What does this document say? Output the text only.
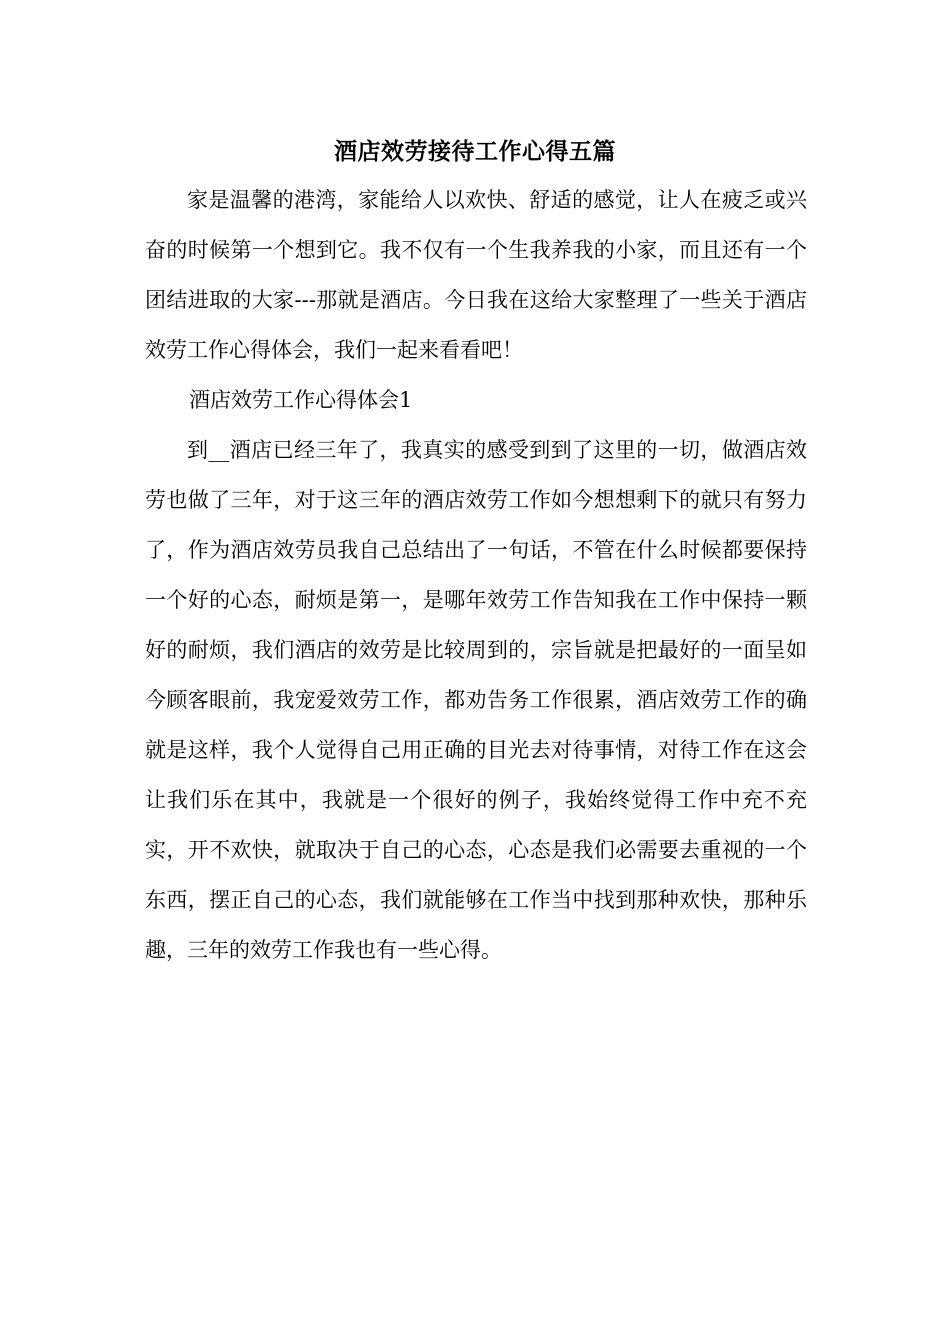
酒店效劳接待工作心得五篇

家是温馨的港湾，家能给人以欢快、舒适的感觉，让人在疲乏或兴奋的时候第一个想到它。我不仅有一个生我养我的小家，而且还有一个团结进取的大家---那就是酒店。今日我在这给大家整理了一些关于酒店效劳工作心得体会，我们一起来看看吧！

酒店效劳工作心得体会1

到__酒店已经三年了，我真实的感受到到了这里的一切，做酒店效劳也做了三年，对于这三年的酒店效劳工作如今想想剩下的就只有努力了，作为酒店效劳员我自己总结出了一句话，不管在什么时候都要保持一个好的心态，耐烦是第一，是哪年效劳工作告知我在工作中保持一颗好的耐烦，我们酒店的效劳是比较周到的，宗旨就是把最好的一面呈如今顾客眼前，我宠爱效劳工作，都劝告务工作很累，酒店效劳工作的确就是这样，我个人觉得自己用正确的目光去对待事情，对待工作在这会让我们乐在其中，我就是一个很好的例子，我始终觉得工作中充不充实，开不欢快，就取决于自己的心态，心态是我们必需要去重视的一个东西，摆正自己的心态，我们就能够在工作当中找到那种欢快，那种乐趣，三年的效劳工作我也有一些心得。
